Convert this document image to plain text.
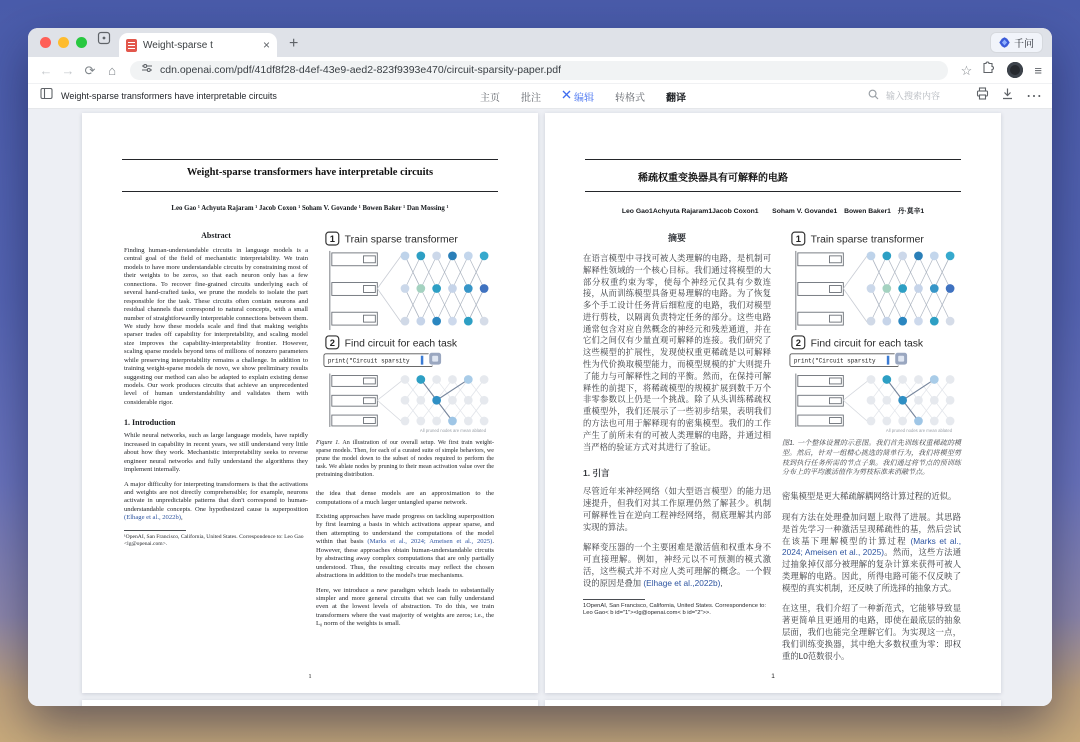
Weight-sparse t	× +	千问
← → ⟳ ⌂	cdn.openai.com/pdf/41df8f28-d4ef-43e9-aed2-823f9393e470/circuit-sparsity-paper.pdf	☆	≡
Weight-sparse transformers have interpretable circuits	主页 批注	编辑 转格式 翻译
输入搜索内容	⋯
Weight-sparse transformers have interpretable circuits
Leo Gao ¹ Achyuta Rajaram ¹ Jacob Coxon ¹ Soham V. Govande ¹ Bowen Baker ¹ Dan Mossing ¹
Abstract

Finding human-understandable circuits in language models is a central goal of the field of mechanistic interpretability. We train models to have more understandable circuits by constraining most of their weights to be zeros, so that each neuron only has a few connections. To recover fine-grained circuits underlying each of several hand-crafted tasks, we prune the models to isolate the part responsible for the task. These circuits often contain neurons and residual channels that correspond to natural concepts, with a small number of straightforwardly interpretable connections between them. We study how these models scale and find that making weights sparser trades off capability for interpretability, and scaling model size improves the capability-interpretability frontier. However, scaling sparse models beyond tens of millions of nonzero parameters while preserving interpretability remains a challenge. In addition to training weight-sparse models de novo, we show preliminary results suggesting our method can also be adapted to explain existing dense models. Our work produces circuits that achieve an unprecedented level of human understandability and validates them with considerable rigor.

1. Introduction

While neural networks, such as large language models, have rapidly increased in capability in recent years, we still understand very little about how they work. Mechanistic interpretability seeks to reverse engineer neural networks and fully understand the algorithms they implement internally.

A major difficulty for interpreting transformers is that the activations and weights are not directly comprehensible; for example, neurons activate in unpredictable patterns that don't correspond to human-understandable concepts. One hypothesized cause is superposition (Elhage et al., 2022b),

¹OpenAI, San Francisco, California, United States. Correspondence to: Leo Gao <lg@openai.com>.

1 Train sparse transformer
2 Find circuit for each task
print("Circuit sparsity
All pruned nodes are mean ablated

Figure 1. An illustration of our overall setup. We first train weight-sparse models. Then, for each of a curated suite of simple behaviors, we prune the model down to the subset of nodes required to perform the task. We ablate nodes by pruning to their mean activation value over the pretraining distribution.

the idea that dense models are an approximation to the computations of a much larger untangled sparse network.

Existing approaches have made progress on tackling superposition by first learning a basis in which activations appear sparse, and then attempting to understand the computations of the model within that basis (Marks et al., 2024; Ameisen et al., 2025). However, these approaches obtain human-understandable circuits by abstracting away complex computations that are only partially understood. Thus, the resulting circuits may reflect the chosen abstractions in addition to the model's true mechanisms.

Here, we introduce a new paradigm which leads to substantially simpler and more general circuits that we can fully understand even at the lowest levels of abstraction. To do this, we train transformers where the vast majority of weights are zeros; i.e., the L₀ norm of the weights is small.

1
稀疏权重变换器具有可解释的电路
Leo Gao1Achyuta Rajaram1Jacob Coxon1　　Soham V. Govande1　Bowen Baker1　丹·莫辛1
摘要

在语言模型中寻找可被人类理解的电路，是机制可解释性领域的一个核心目标。我们通过将模型的大部分权重约束为零，使每个神经元仅具有少数连接，从而训练模型具备更易理解的电路。为了恢复多个手工设计任务背后细粒度的电路，我们对模型进行剪枝，以隔离负责特定任务的部分。这些电路通常包含对应自然概念的神经元和残差通道，并在它们之间仅有少量直观可解释的连接。我们研究了这些模型的扩展性，发现使权重更稀疏是以可解释性为代价换取模型能力，而模型规模的扩大则提升了能力与可解释性之间的平衡。然而，在保持可解释性的前提下，将稀疏模型的规模扩展到数千万个非零参数以上仍是一个挑战。除了从头训练稀疏权重模型外，我们还展示了一些初步结果，表明我们的方法也可用于解释现有的密集模型。我们的工作产生了前所未有的可被人类理解的电路，并通过相当严格的验证方式对其进行了验证。

1. 引言

尽管近年来神经网络（如大型语言模型）的能力迅速提升，但我们对其工作原理仍然了解甚少。机制可解释性旨在逆向工程神经网络，彻底理解其内部实现的算法。

解释变压器的一个主要困难是激活值和权重本身不可直接理解。例如，神经元以不可预测的模式激活，这些模式并不对应人类可理解的概念。一个假设的原因是叠加 (Elhage et al.,2022b),

1OpenAI, San Francisco, California, United States. Correspondence to: Leo Gao< b id="1"><lg@openai.com< b id="2">>.

1 Train sparse transformer
2 Find circuit for each task
print("Circuit sparsity
All pruned nodes are mean ablated

图1. 一个整体设置的示意图。我们首先训练权重稀疏的模型。然后，针对一组精心挑选的简单行为，我们将模型剪枝到执行任务所需的节点子集。我们通过将节点的预训练分布上的平均激活值作为剪枝标准来消融节点。

密集模型是更大稀疏解耦网络计算过程的近似。

现有方法在处理叠加问题上取得了进展。其思路是首先学习一种激活呈现稀疏性的基，然后尝试在该基下理解模型的计算过程 (Marks et al., 2024; Ameisen et al., 2025)。然而，这些方法通过抽象掉仅部分被理解的复杂计算来获得可被人类理解的电路。因此，所得电路可能不仅反映了模型的真实机制，还反映了所选择的抽象方式。

在这里，我们介绍了一种新范式，它能够导致显著更简单且更通用的电路，即使在最底层的抽象层面，我们也能完全理解它们。为实现这一点，我们训练变换器，其中绝大多数权重为零：即权重的L0范数很小。

1
